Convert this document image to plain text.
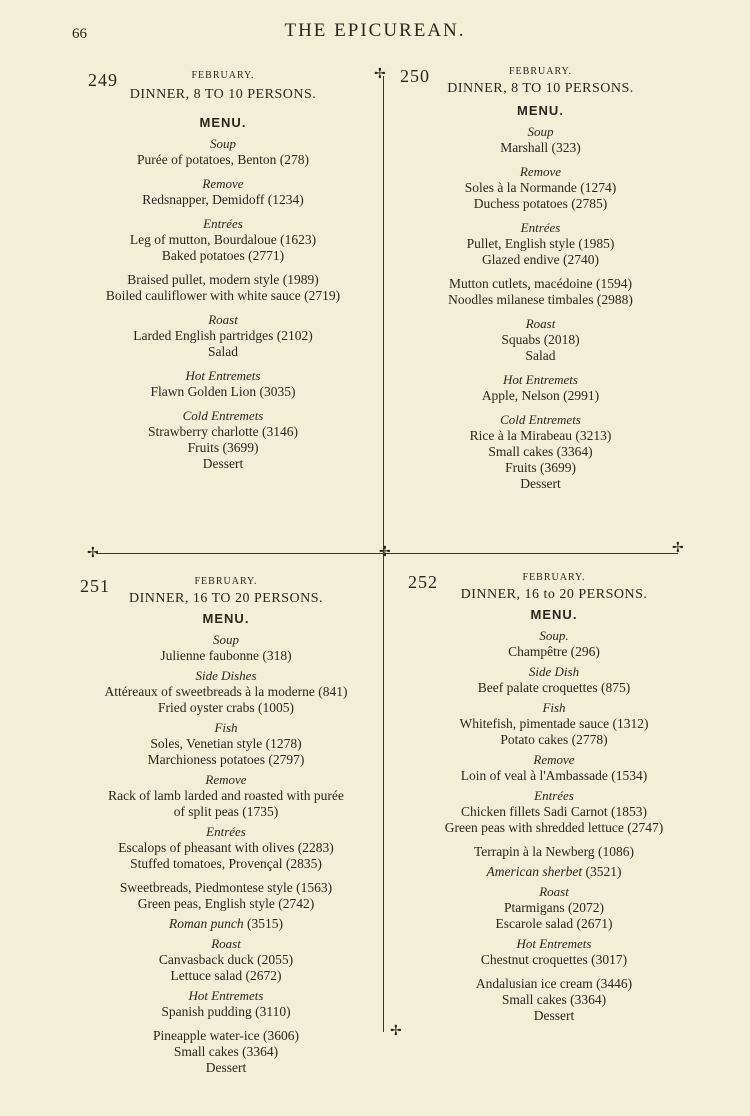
66	THE EPICUREAN.
✢
✢	✢	✢
✢
249	FEBRUARY.
DINNER, 8 TO 10 PERSONS.
MENU.
Soup
Purée of potatoes, Benton (278)
Remove
Redsnapper, Demidoff (1234)
Entrées
Leg of mutton, Bourdaloue (1623)
Baked potatoes (2771)
Braised pullet, modern style (1989)
Boiled cauliflower with white sauce (2719)
Roast
Larded English partridges (2102)
Salad
Hot Entremets
Flawn Golden Lion (3035)
Cold Entremets
Strawberry charlotte (3146)
Fruits (3699)
Dessert
250	FEBRUARY.
DINNER, 8 TO 10 PERSONS.
MENU.
Soup
Marshall (323)
Remove
Soles à la Normande (1274)
Duchess potatoes (2785)
Entrées
Pullet, English style (1985)
Glazed endive (2740)
Mutton cutlets, macédoine (1594)
Noodles milanese timbales (2988)
Roast
Squabs (2018)
Salad
Hot Entremets
Apple, Nelson (2991)
Cold Entremets
Rice à la Mirabeau (3213)
Small cakes (3364)
Fruits (3699)
Dessert
251	FEBRUARY.
DINNER, 16 TO 20 PERSONS.
MENU.
Soup
Julienne faubonne (318)
Side Dishes
Attéreaux of sweetbreads à la moderne (841)
Fried oyster crabs (1005)
Fish
Soles, Venetian style (1278)
Marchioness potatoes (2797)
Remove
Rack of lamb larded and roasted with purée
of split peas (1735)
Entrées
Escalops of pheasant with olives (2283)
Stuffed tomatoes, Provençal (2835)
Sweetbreads, Piedmontese style (1563)
Green peas, English style (2742)
Roman punch (3515)
Roast
Canvasback duck (2055)
Lettuce salad (2672)
Hot Entremets
Spanish pudding (3110)
Pineapple water-ice (3606)
Small cakes (3364)
Dessert
252	FEBRUARY.
DINNER, 16 to 20 PERSONS.
MENU.
Soup.
Champêtre (296)
Side Dish
Beef palate croquettes (875)
Fish
Whitefish, pimentade sauce (1312)
Potato cakes (2778)
Remove
Loin of veal à l'Ambassade (1534)
Entrées
Chicken fillets Sadi Carnot (1853)
Green peas with shredded lettuce (2747)
Terrapin à la Newberg (1086)
American sherbet (3521)
Roast
Ptarmigans (2072)
Escarole salad (2671)
Hot Entremets
Chestnut croquettes (3017)
Andalusian ice cream (3446)
Small cakes (3364)
Dessert
